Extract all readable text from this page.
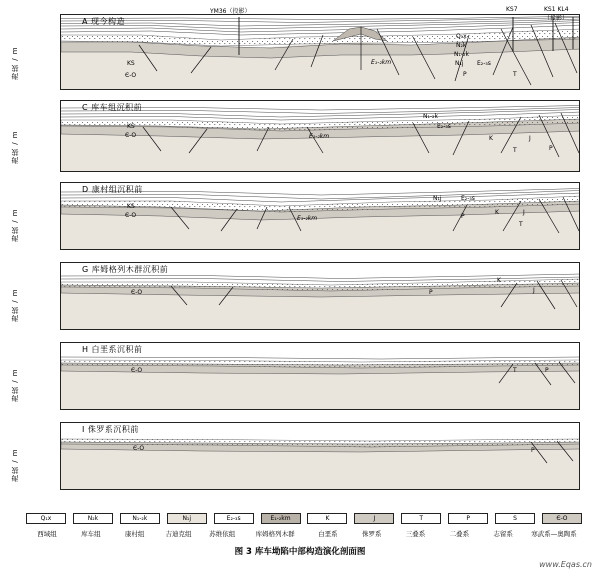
海拔 / m
A 现今构造
KS
Є-O
E₁-₂km
Q₁x
N₂k
N₁-₂k
N₁j E₂-₃s
P	T
YM36（投影）	KS7	KS1 KL4（投影）
海拔 / m
C 库车组沉积前
KS
Є-O	E₁-₂km
N₁-₂k
E₂-₃s
K	J
T	P
海拔 / m
D 康村组沉积前
KS
Є-O	E₁-₂km
N₁j	E₂-₃s
P
K	J
T
海拔 / m
G 库姆格列木群沉积前
Є-O	P
K
J
海拔 / m
H 白垩系沉积前
Є-O	T	P
海拔 / m
I 侏罗系沉积前
Є-O	P
Q₁x	N₂k	N₁-₂k	N₁j	E₂-₃s	E₁-₂km	K	J	T	P	S	Є-O
西域组	库车组	康村组	吉迪克组	苏维依组	库姆格列木群	白垩系	侏罗系	三叠系	二叠系	志留系	寒武系—奥陶系
图 3 库车坳陷中部构造演化剖面图
www.Eqas.cn
